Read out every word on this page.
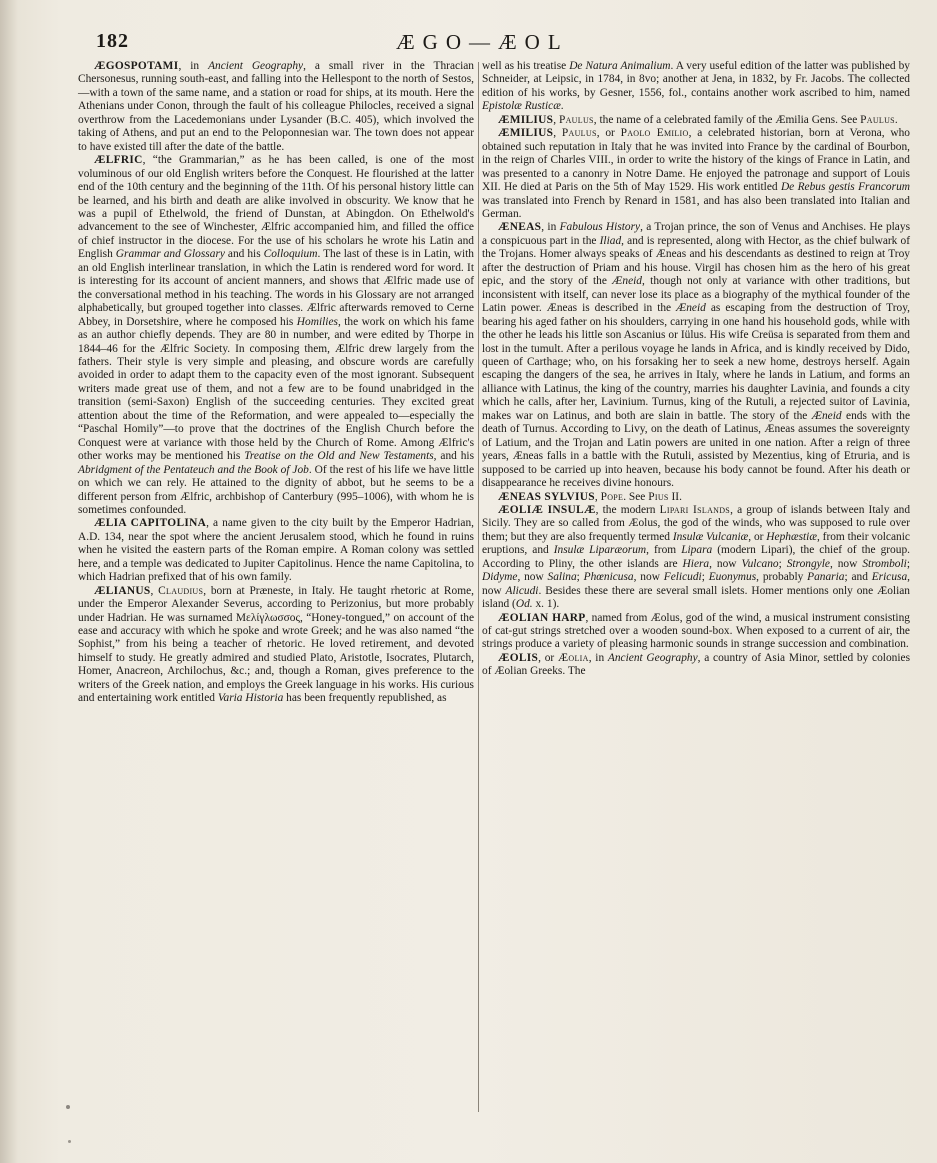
182	ÆGO—ÆOL

ÆGOSPOTAMI, in Ancient Geography, a small river in the Thracian Chersonesus, running south-east, and falling into the Hellespont to the north of Sestos,—with a town of the same name, and a station or road for ships, at its mouth. Here the Athenians under Conon, through the fault of his colleague Philocles, received a signal overthrow from the Lacedemonians under Lysander (B.C. 405), which involved the taking of Athens, and put an end to the Peloponnesian war. The town does not appear to have existed till after the date of the battle.

ÆLFRIC, “the Grammarian,” as he has been called, is one of the most voluminous of our old English writers before the Conquest. He flourished at the latter end of the 10th century and the beginning of the 11th. Of his personal history little can be learned, and his birth and death are alike involved in obscurity. We know that he was a pupil of Ethelwold, the friend of Dunstan, at Abingdon. On Ethelwold's advancement to the see of Winchester, Ælfric accompanied him, and filled the office of chief instructor in the diocese. For the use of his scholars he wrote his Latin and English Grammar and Glossary and his Colloquium. The last of these is in Latin, with an old English interlinear translation, in which the Latin is rendered word for word. It is interesting for its account of ancient manners, and shows that Ælfric made use of the conversational method in his teaching. The words in his Glossary are not arranged alphabetically, but grouped together into classes. Ælfric afterwards removed to Cerne Abbey, in Dorsetshire, where he composed his Homilies, the work on which his fame as an author chiefly depends. They are 80 in number, and were edited by Thorpe in 1844–46 for the Ælfric Society. In composing them, Ælfric drew largely from the fathers. Their style is very simple and pleasing, and obscure words are carefully avoided in order to adapt them to the capacity even of the most ignorant. Subsequent writers made great use of them, and not a few are to be found unabridged in the transition (semi-Saxon) English of the succeeding centuries. They excited great attention about the time of the Reformation, and were appealed to—especially the “Paschal Homily”—to prove that the doctrines of the English Church before the Conquest were at variance with those held by the Church of Rome. Among Ælfric's other works may be mentioned his Treatise on the Old and New Testaments, and his Abridgment of the Pentateuch and the Book of Job. Of the rest of his life we have little on which we can rely. He attained to the dignity of abbot, but he seems to be a different person from Ælfric, archbishop of Canterbury (995–1006), with whom he is sometimes confounded.

ÆLIA CAPITOLINA, a name given to the city built by the Emperor Hadrian, A.D. 134, near the spot where the ancient Jerusalem stood, which he found in ruins when he visited the eastern parts of the Roman empire. A Roman colony was settled here, and a temple was dedicated to Jupiter Capitolinus. Hence the name Capitolina, to which Hadrian prefixed that of his own family.

ÆLIANUS, Claudius, born at Præneste, in Italy. He taught rhetoric at Rome, under the Emperor Alexander Severus, according to Perizonius, but more probably under Hadrian. He was surnamed Μελίγλωσσος, “Honey-tongued,” on account of the ease and accuracy with which he spoke and wrote Greek; and he was also named “the Sophist,” from his being a teacher of rhetoric. He loved retirement, and devoted himself to study. He greatly admired and studied Plato, Aristotle, Isocrates, Plutarch, Homer, Anacreon, Archilochus, &c.; and, though a Roman, gives preference to the writers of the Greek nation, and employs the Greek language in his works. His curious and entertaining work entitled Varia Historia has been frequently republished, as

well as his treatise De Natura Animalium. A very useful edition of the latter was published by Schneider, at Leipsic, in 1784, in 8vo; another at Jena, in 1832, by Fr. Jacobs. The collected edition of his works, by Gesner, 1556, fol., contains another work ascribed to him, named Epistolæ Rusticæ.

ÆMILIUS, Paulus, the name of a celebrated family of the Æmilia Gens. See Paulus.

ÆMILIUS, Paulus, or Paolo Emilio, a celebrated historian, born at Verona, who obtained such reputation in Italy that he was invited into France by the cardinal of Bourbon, in the reign of Charles VIII., in order to write the history of the kings of France in Latin, and was presented to a canonry in Notre Dame. He enjoyed the patronage and support of Louis XII. He died at Paris on the 5th of May 1529. His work entitled De Rebus gestis Francorum was translated into French by Renard in 1581, and has also been translated into Italian and German.

ÆNEAS, in Fabulous History, a Trojan prince, the son of Venus and Anchises. He plays a conspicuous part in the Iliad, and is represented, along with Hector, as the chief bulwark of the Trojans. Homer always speaks of Æneas and his descendants as destined to reign at Troy after the destruction of Priam and his house. Virgil has chosen him as the hero of his great epic, and the story of the Æneid, though not only at variance with other traditions, but inconsistent with itself, can never lose its place as a biography of the mythical founder of the Latin power. Æneas is described in the Æneid as escaping from the destruction of Troy, bearing his aged father on his shoulders, carrying in one hand his household gods, while with the other he leads his little son Ascanius or Iülus. His wife Creüsa is separated from them and lost in the tumult. After a perilous voyage he lands in Africa, and is kindly received by Dido, queen of Carthage; who, on his forsaking her to seek a new home, destroys herself. Again escaping the dangers of the sea, he arrives in Italy, where he lands in Latium, and forms an alliance with Latinus, the king of the country, marries his daughter Lavinia, and founds a city which he calls, after her, Lavinium. Turnus, king of the Rutuli, a rejected suitor of Lavinia, makes war on Latinus, and both are slain in battle. The story of the Æneid ends with the death of Turnus. According to Livy, on the death of Latinus, Æneas assumes the sovereignty of Latium, and the Trojan and Latin powers are united in one nation. After a reign of three years, Æneas falls in a battle with the Rutuli, assisted by Mezentius, king of Etruria, and is supposed to be carried up into heaven, because his body cannot be found. After his death or disappearance he receives divine honours.

ÆNEAS SYLVIUS, Pope. See Pius II.

ÆOLIÆ INSULÆ, the modern Lipari Islands, a group of islands between Italy and Sicily. They are so called from Æolus, the god of the winds, who was supposed to rule over them; but they are also frequently termed Insulæ Vulcaniæ, or Hephæstiæ, from their volcanic eruptions, and Insulæ Liparæorum, from Lipara (modern Lipari), the chief of the group. According to Pliny, the other islands are Hiera, now Vulcano; Strongyle, now Stromboli; Didyme, now Salina; Phœnicusa, now Felicudi; Euonymus, probably Panaria; and Ericusa, now Alicudi. Besides these there are several small islets. Homer mentions only one Æolian island (Od. x. 1).

ÆOLIAN HARP, named from Æolus, god of the wind, a musical instrument consisting of cat-gut strings stretched over a wooden sound-box. When exposed to a current of air, the strings produce a variety of pleasing harmonic sounds in strange succession and combination.

ÆOLIS, or Æolia, in Ancient Geography, a country of Asia Minor, settled by colonies of Æolian Greeks. The
